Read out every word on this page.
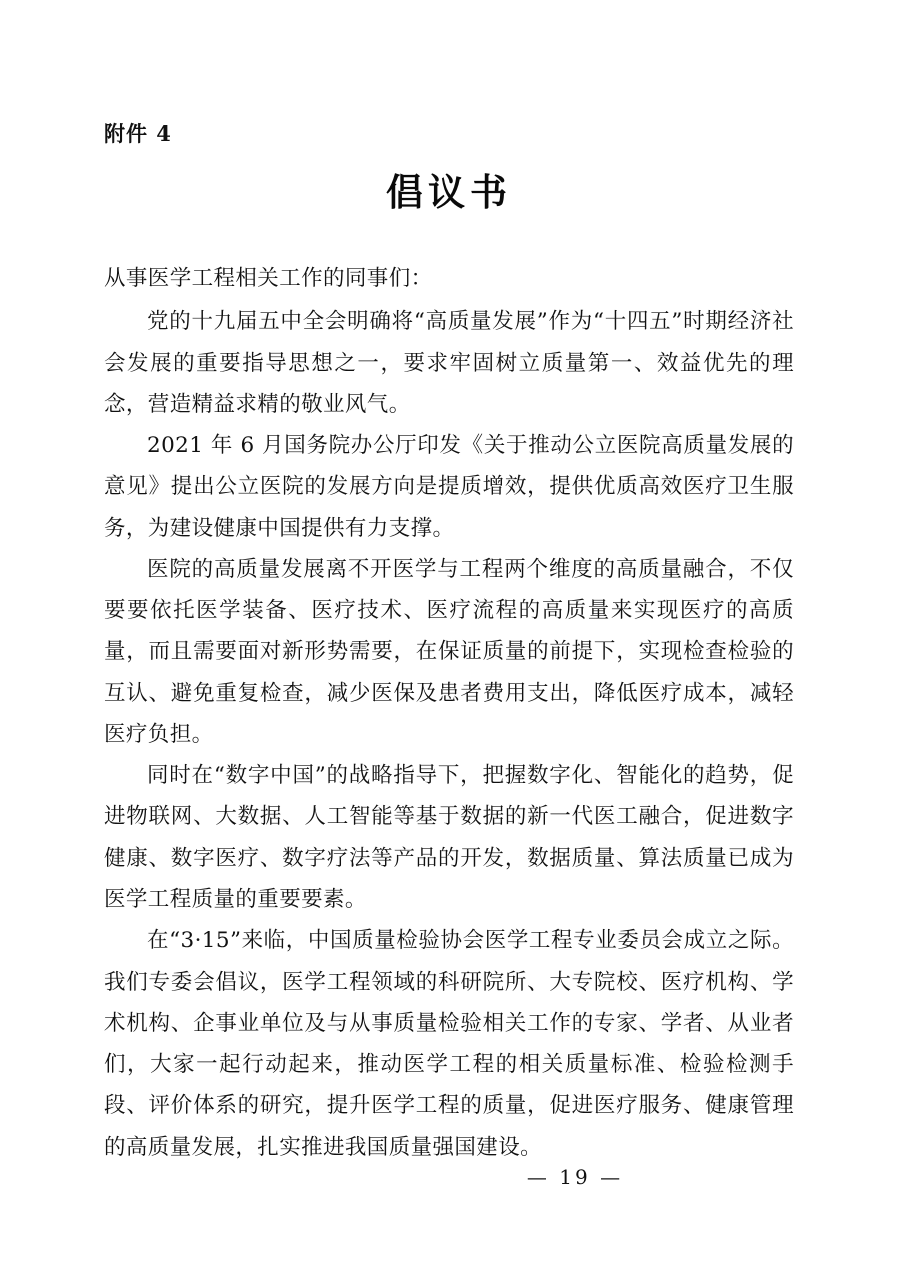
附件 4
倡议书

从事医学工程相关工作的同事们：

党的十九届五中全会明确将“高质量发展”作为“十四五”时期经济社会发展的重要指导思想之一，要求牢固树立质量第一、效益优先的理念，营造精益求精的敬业风气。

2021 年 6 月国务院办公厅印发《关于推动公立医院高质量发展的意见》提出公立医院的发展方向是提质增效，提供优质高效医疗卫生服务，为建设健康中国提供有力支撑。

医院的高质量发展离不开医学与工程两个维度的高质量融合，不仅要要依托医学装备、医疗技术、医疗流程的高质量来实现医疗的高质量，而且需要面对新形势需要，在保证质量的前提下，实现检查检验的互认、避免重复检查，减少医保及患者费用支出，降低医疗成本，减轻医疗负担。

同时在“数字中国”的战略指导下，把握数字化、智能化的趋势，促进物联网、大数据、人工智能等基于数据的新一代医工融合，促进数字健康、数字医疗、数字疗法等产品的开发，数据质量、算法质量已成为医学工程质量的重要要素。

在“3·15”来临，中国质量检验协会医学工程专业委员会成立之际。我们专委会倡议，医学工程领域的科研院所、大专院校、医疗机构、学术机构、企事业单位及与从事质量检验相关工作的专家、学者、从业者们，大家一起行动起来，推动医学工程的相关质量标准、检验检测手段、评价体系的研究，提升医学工程的质量，促进医疗服务、健康管理的高质量发展，扎实推进我国质量强国建设。

— 19 —
